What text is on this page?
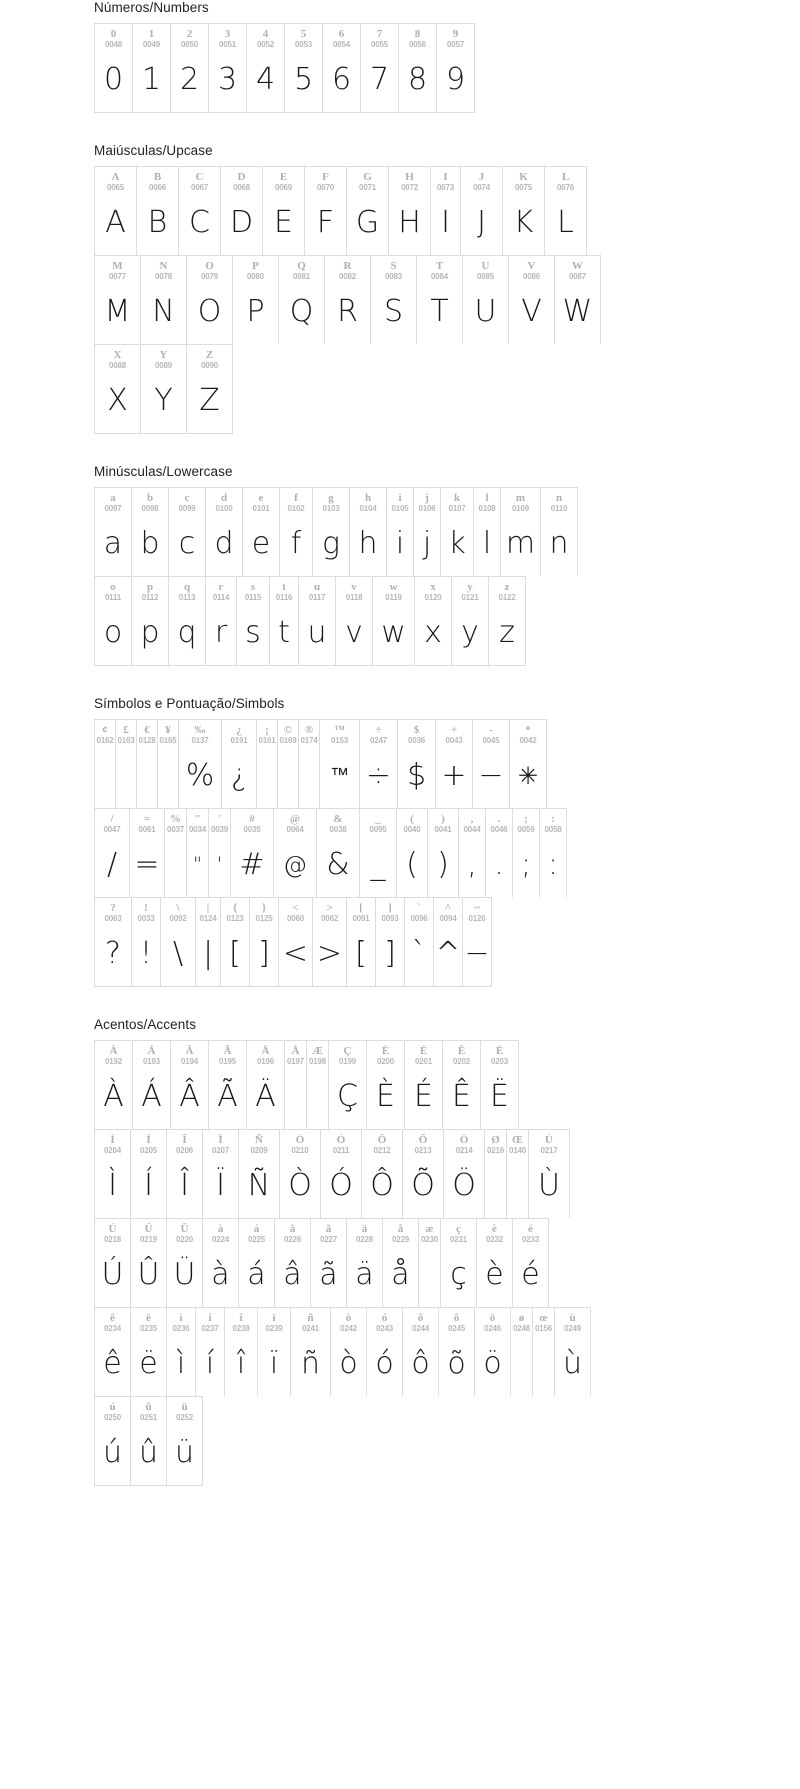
Números/Numbers
0
0048
0
1
0049
1
2
0050
2
3
0051
3
4
0052
4
5
0053
5
6
0054
6
7
0055
7
8
0056
8
9
0057
9
Maiúsculas/Upcase
A
0065
A
B
0066
B
C
0067
C
D
0068
D
E
0069
E
F
0070
F
G
0071
G
H
0072
H
I
0073
I
J
0074
J
K
0075
K
L
0076
L
M
0077
M
N
0078
N
O
0079
O
P
0080
P
Q
0081
Q
R
0082
R
S
0083
S
T
0084
T
U
0085
U
V
0086
V
W
0087
W
X
0088
X
Y
0089
Y
Z
0090
Z
Minúsculas/Lowercase
a
0097
a
b
0098
b
c
0099
c
d
0100
d
e
0101
e
f
0102
f
g
0103
g
h
0104
h
i
0105
i
j
0106
j
k
0107
k
l
0108
l
m
0109
m
n
0110
n
o
0111
o
p
0112
p
q
0113
q
r
0114
r
s
0115
s
t
0116
t
u
0117
u
v
0118
v
w
0119
w
x
0120
x
y
0121
y
z
0122
z
Símbolos e Pontuação/Simbols
¢
0162
£
0163
€
0128
¥
0165
‰
0137
%
¿
0191
¿
¡
0161
©
0169
®
0174
™
0153
™
÷
0247
÷
$
0036
$
+
0043
+
-
0045
−
*
0042
✳
/
0047
/
=
0061
=
%
0037
"
0034
"
'
0039
'
#
0035
#
@
0064
@
&
0038
&
_
0095
_
(
0040
(
)
0041
)
,
0044
,
.
0046
.
;
0059
;
:
0058
:
?
0063
?
!
0033
!
\
0092
\
|
0124
|
{
0123
[
}
0125
]
<
0060
<
>
0062
>
[
0091
[
]
0093
]
`
0096
`
^
0094
^
~
0126
−
Acentos/Accents
À
0192
À
Á
0193
Á
Â
0194
Â
Ã
0195
Ã
Ä
0196
Ä
Å
0197
Æ
0198
Ç
0199
Ç
È
0200
È
É
0201
É
Ê
0202
Ê
Ë
0203
Ë
Ì
0204
Ì
Í
0205
Í
Î
0206
Î
Ï
0207
Ï
Ñ
0209
Ñ
Ò
0210
Ò
Ó
0211
Ó
Ô
0212
Ô
Õ
0213
Õ
Ö
0214
Ö
Ø
0216
Œ
0140
Ù
0217
Ù
Ú
0218
Ú
Û
0219
Û
Ü
0220
Ü
à
0224
à
á
0225
á
â
0226
â
ã
0227
ã
ä
0228
ä
å
0229
å
æ
0230
ç
0231
ç
è
0232
è
é
0233
é
ê
0234
ê
ë
0235
ë
ì
0236
ì
í
0237
í
î
0238
î
ï
0239
ï
ñ
0241
ñ
ò
0242
ò
ó
0243
ó
ô
0244
ô
õ
0245
õ
ö
0246
ö
ø
0248
œ
0156
ù
0249
ù
ú
0250
ú
û
0251
û
ü
0252
ü
